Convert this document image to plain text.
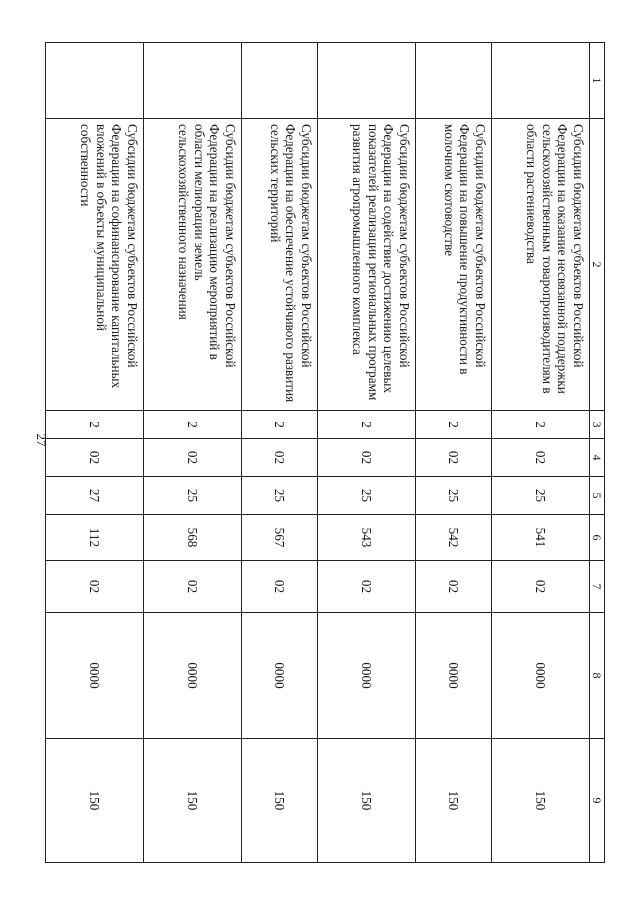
27
1	2	3	4	5	6	7	8	9
	Субсидии бюджетам субъектов Российской Федерации на оказание несвязанной поддержки сельскохозяйственным товаропроизводителям в области растениеводства	2	02	25	541	02	0000	150
	Субсидии бюджетам субъектов Российской Федерации на повышение продуктивности в молочном скотоводстве	2	02	25	542	02	0000	150
	Субсидии бюджетам субъектов Российской Федерации на содействие достижению целевых показателей реализации региональных программ развития агропромышленного комплекса	2	02	25	543	02	0000	150
	Субсидии бюджетам субъектов Российской Федерации на обеспечение устойчивого развития сельских территорий	2	02	25	567	02	0000	150
	Субсидии бюджетам субъектов Российской Федерации на реализацию мероприятий в области мелиорации земель сельскохозяйственного назначения	2	02	25	568	02	0000	150
	Субсидии бюджетам субъектов Российской Федерации на софинансирование капитальных вложений в объекты муниципальной собственности	2	02	27	112	02	0000	150
